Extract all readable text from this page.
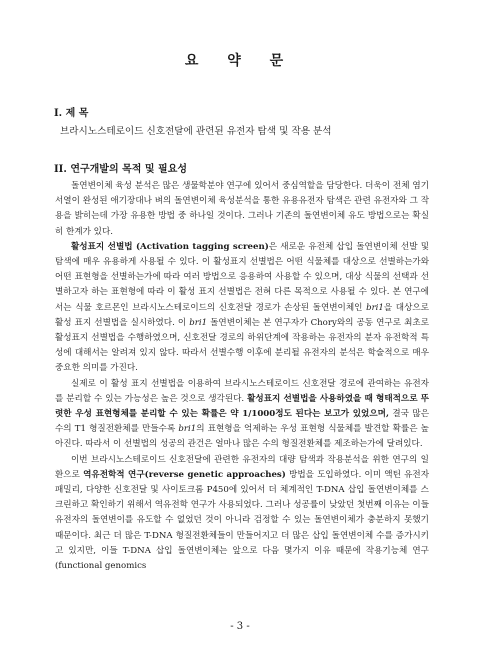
요 약 문
I. 제 목
브라시노스테로이드 신호전달에 관련된 유전자 탐색 및 작용 분석
II. 연구개발의 목적 및 필요성

돌연변이체 육성 분석은 많은 생물학분야 연구에 있어서 중심역할을 담당한다. 더욱이 전체 염기서열이 완성된 애기장대나 벼의 돌연변이체 육성분석을 통한 유용유전자 탐색은 관련 유전자와 그 작용을 밝히는데 가장 유용한 방법 중 하나일 것이다. 그러나 기존의 돌연변이체 유도 방법으로는 확실히 한계가 있다.

활성표지 선별법 (Activation tagging screen)은 새로운 유전체 삽입 돌연변이체 선발 및 탐색에 매우 유용하게 사용될 수 있다. 이 활성표지 선별법은 어떤 식물체를 대상으로 선별하는가와 어떤 표현형을 선별하는가에 따라 여러 방법으로 응용하여 사용할 수 있으며, 대상 식물의 선택과 선별하고자 하는 표현형에 따라 이 활성 표지 선별법은 전혀 다른 목적으로 사용될 수 있다. 본 연구에서는 식물 호르몬인 브라시노스테로이드의 신호전달 경로가 손상된 돌연변이체인 bri1을 대상으로 활성 표지 선별법을 실시하였다. 이 bri1 돌연변이체는 본 연구자가 Chory와의 공동 연구로 최초로 활성표지 선별법을 수행하였으며, 신호전달 경로의 하위단계에 작용하는 유전자의 분자 유전학적 특성에 대해서는 알려져 있지 않다. 따라서 선별수행 이후에 분리될 유전자의 분석은 학술적으로 매우 중요한 의미를 가진다.

실제로 이 활성 표지 선별법을 이용하여 브라시노스테로이드 신호전달 경로에 관여하는 유전자를 분리할 수 있는 가능성은 높은 것으로 생각된다. 활성표지 선별법을 사용하였을 때 형태적으로 뚜렷한 우성 표현형체를 분리할 수 있는 확률은 약 1/1000정도 된다는 보고가 있었으며, 결국 많은 수의 T1 형질전환체를 만들수록 bri1의 표현형을 억제하는 우성 표현형 식물체를 발견할 확률은 높아진다. 따라서 이 선별법의 성공의 관건은 얼마나 많은 수의 형질전환체를 제조하는가에 달려있다.

이번 브라시노스테로이드 신호전달에 관련한 유전자의 대량 탐색과 작용분석을 위한 연구의 일환으로 역유전학적 연구(reverse genetic approaches) 방법을 도입하였다. 이미 액틴 유전자 패밀리, 다양한 신호전달 및 사이토크롬 P450에 있어서 더 체계적인 T-DNA 삽입 돌연변이체를 스크린하고 확인하기 위해서 역유전학 연구가 사용되었다. 그러나 성공률이 낮았던 첫번째 이유는 이들 유전자의 돌연변이를 유도할 수 없었던 것이 아니라 검정할 수 있는 돌연변이체가 충분하지 못했기 때문이다. 최근 더 많은 T-DNA 형질전환체들이 만들어지고 더 많은 삽입 돌연변이체 수를 증가시키고 있지만, 이들 T-DNA 삽입 돌연변이체는 앞으로 다음 몇가지 이유 때문에 작용기능체 연구(functional genomics

- 3 -
